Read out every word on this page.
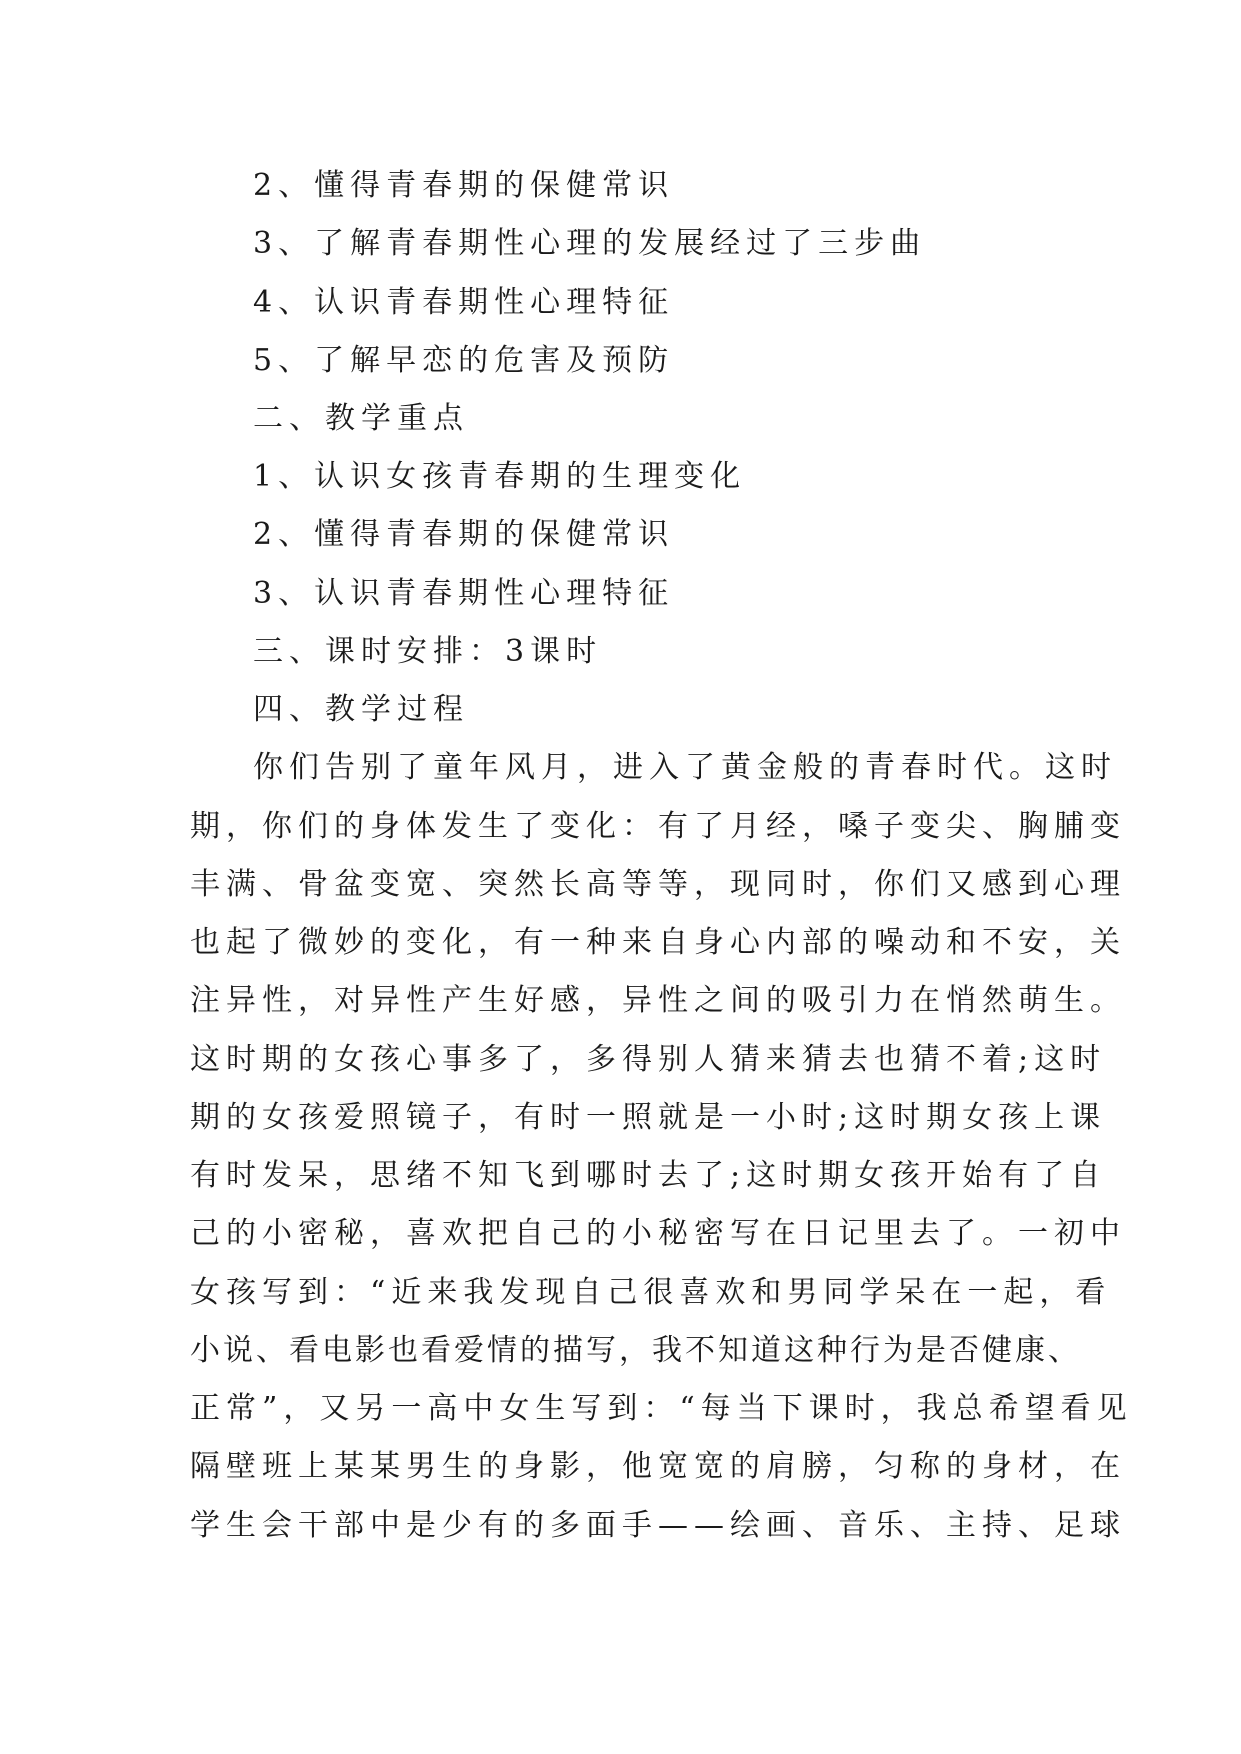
2、懂得青春期的保健常识
3、了解青春期性心理的发展经过了三步曲
4、认识青春期性心理特征
5、了解早恋的危害及预防
二、教学重点
1、认识女孩青春期的生理变化
2、懂得青春期的保健常识
3、认识青春期性心理特征
三、课时安排：3课时
四、教学过程
你们告别了童年风月，进入了黄金般的青春时代。这时
期，你们的身体发生了变化：有了月经，嗓子变尖、胸脯变
丰满、骨盆变宽、突然长高等等，现同时，你们又感到心理
也起了微妙的变化，有一种来自身心内部的噪动和不安，关
注异性，对异性产生好感，异性之间的吸引力在悄然萌生。
这时期的女孩心事多了，多得别人猜来猜去也猜不着;这时
期的女孩爱照镜子，有时一照就是一小时;这时期女孩上课
有时发呆，思绪不知飞到哪时去了;这时期女孩开始有了自
己的小密秘，喜欢把自己的小秘密写在日记里去了。一初中
女孩写到：“近来我发现自己很喜欢和男同学呆在一起，看
小说、看电影也看爱情的描写，我不知道这种行为是否健康、
正常”，又另一高中女生写到：“每当下课时，我总希望看见
隔壁班上某某男生的身影，他宽宽的肩膀，匀称的身材，在
学生会干部中是少有的多面手——绘画、音乐、主持、足球
